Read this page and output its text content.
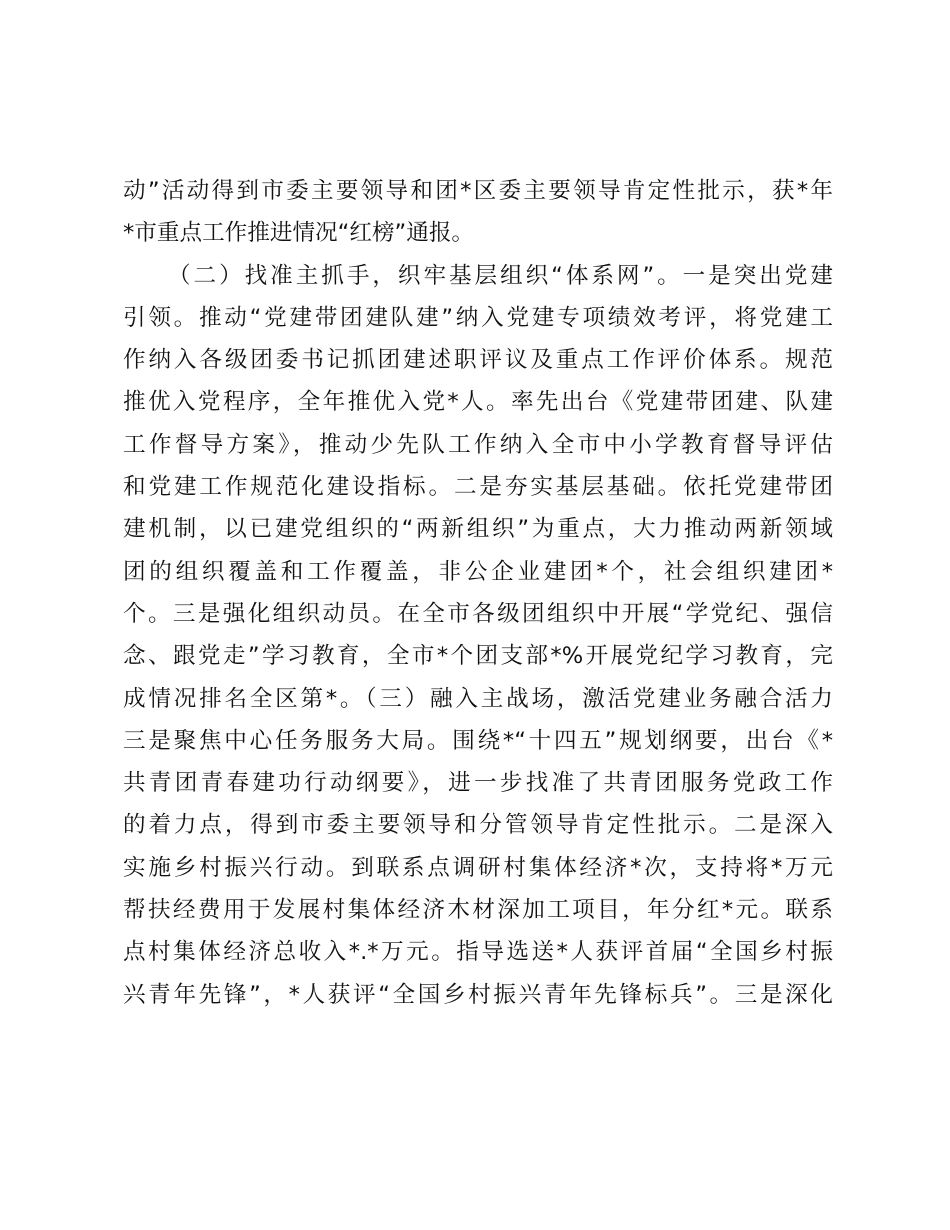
动”活动得到市委主要领导和团*区委主要领导肯定性批示，获*年
*市重点工作推进情况“红榜”通报。
（二）找准主抓手，织牢基层组织“体系网”。一是突出党建
引领。推动“党建带团建队建”纳入党建专项绩效考评，将党建工
作纳入各级团委书记抓团建述职评议及重点工作评价体系。规范
推优入党程序，全年推优入党*人。率先出台《党建带团建、队建
工作督导方案》，推动少先队工作纳入全市中小学教育督导评估
和党建工作规范化建设指标。二是夯实基层基础。依托党建带团
建机制，以已建党组织的“两新组织”为重点，大力推动两新领域
团的组织覆盖和工作覆盖，非公企业建团*个，社会组织建团*
个。三是强化组织动员。在全市各级团组织中开展“学党纪、强信
念、跟党走”学习教育，全市*个团支部*%开展党纪学习教育，完
成情况排名全区第*。（三）融入主战场，激活党建业务融合活力
三是聚焦中心任务服务大局。围绕*“十四五”规划纲要，出台《*
共青团青春建功行动纲要》，进一步找准了共青团服务党政工作
的着力点，得到市委主要领导和分管领导肯定性批示。二是深入
实施乡村振兴行动。到联系点调研村集体经济*次，支持将*万元
帮扶经费用于发展村集体经济木材深加工项目，年分红*元。联系
点村集体经济总收入*.*万元。指导选送*人获评首届“全国乡村振
兴青年先锋”，*人获评“全国乡村振兴青年先锋标兵”。三是深化
